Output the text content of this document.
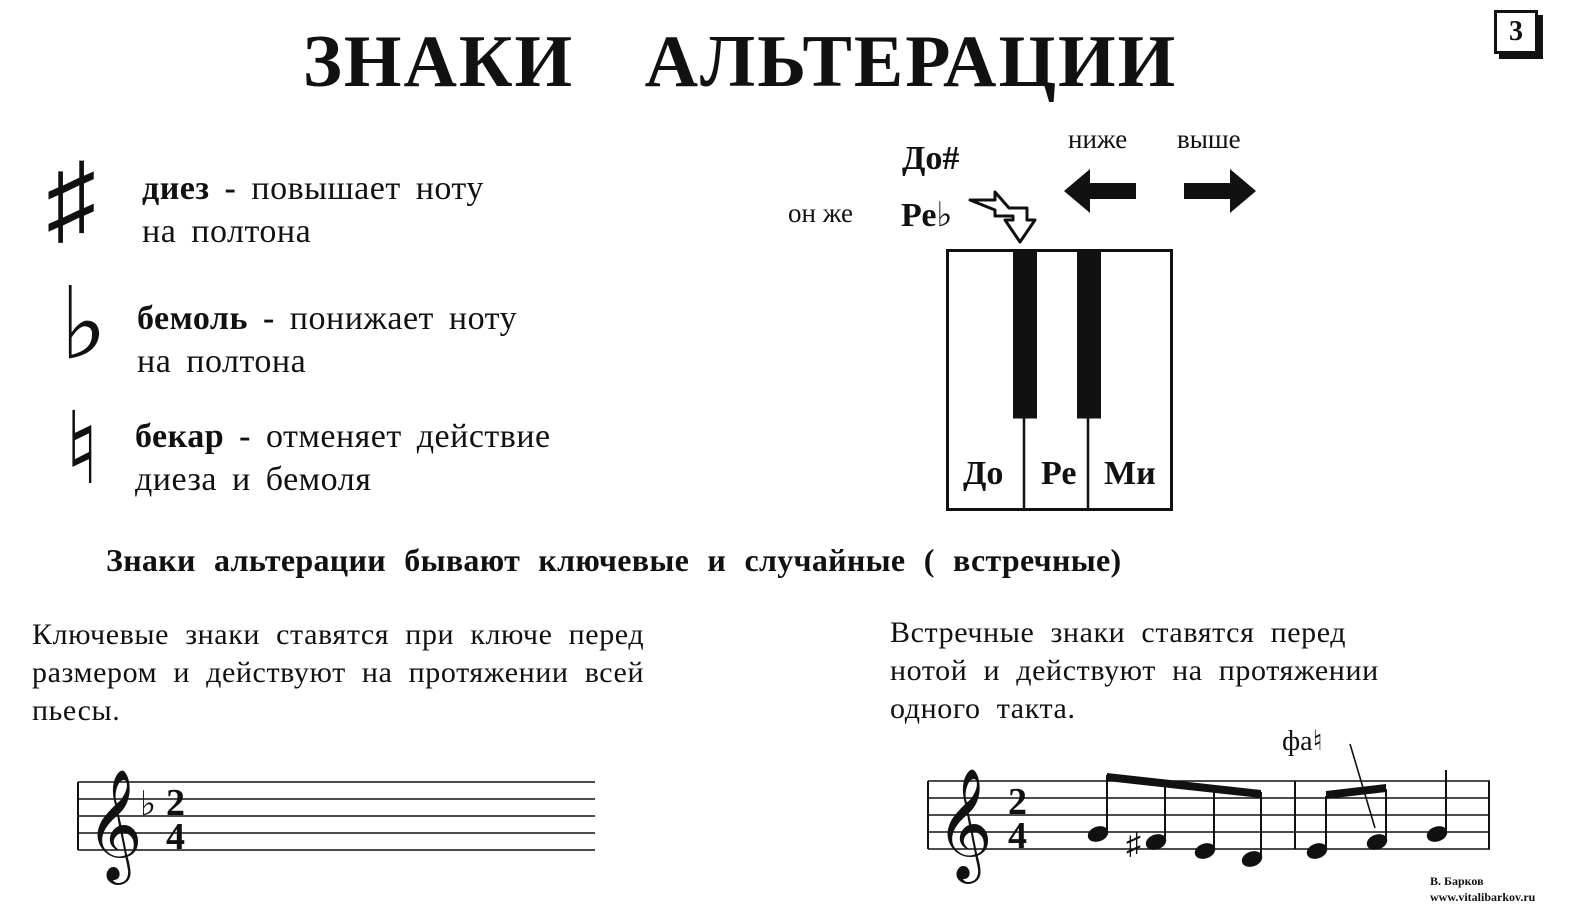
ЗНАКИ АЛЬТЕРАЦИИ	3
♯ диез - повышает ноту
на полтона
♭ бемоль - понижает ноту
на полтона
♮ бекар - отменяет действие
диеза и бемоля
До#
он же Ре♭
ниже выше
До Ре Ми
Знаки альтерации бывают ключевые и случайные ( встречные)
Ключевые знаки ставятся при ключе перед
размером и действуют на протяжении всей
пьесы.
Встречные знаки ставятся перед
нотой и действуют на протяжении
одного такта.
𝄞
♭ 2
4	𝄞 2
4	♯
фа♮
В. Барков
www.vitalibarkov.ru
